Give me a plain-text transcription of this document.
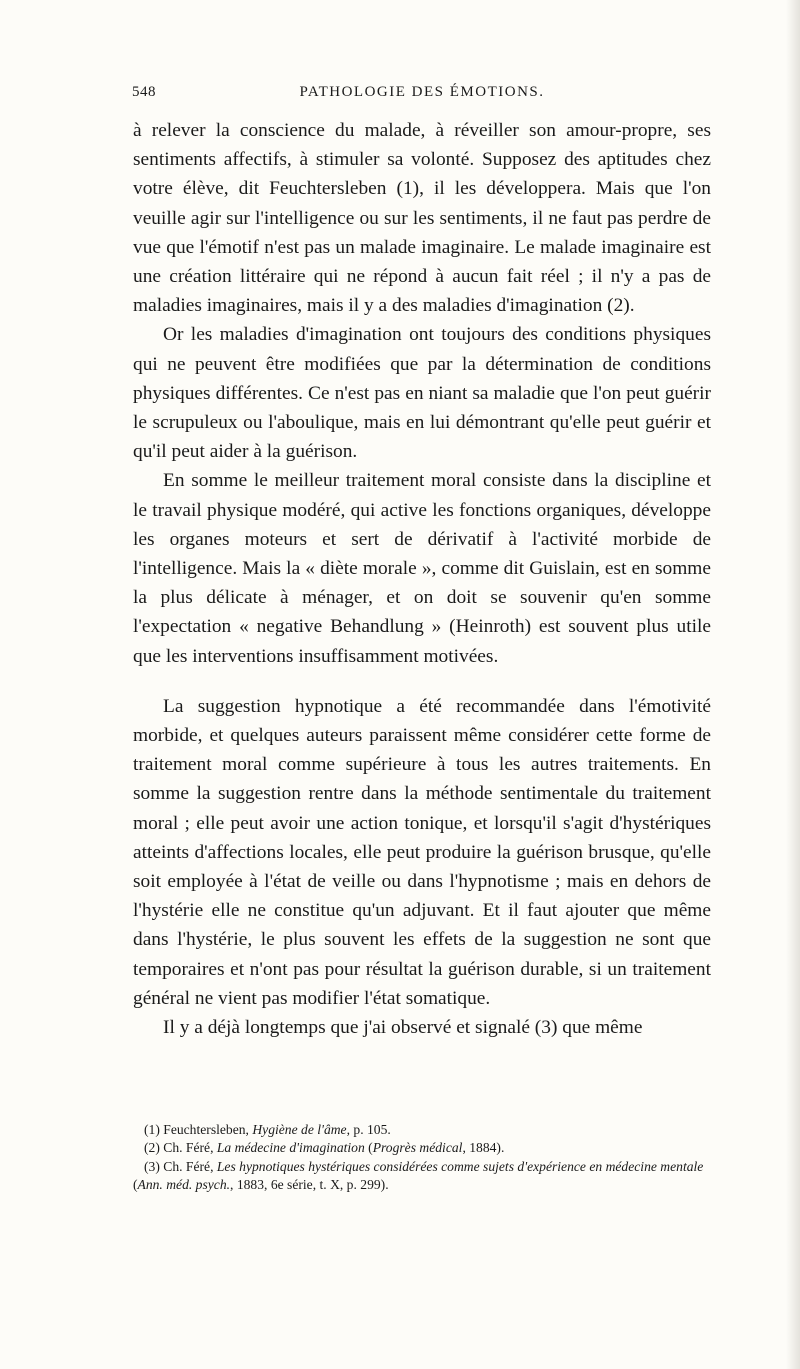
548	PATHOLOGIE DES ÉMOTIONS.

à relever la conscience du malade, à réveiller son amour-propre, ses sentiments affectifs, à stimuler sa volonté. Supposez des aptitudes chez votre élève, dit Feuchtersleben (1), il les développera. Mais que l'on veuille agir sur l'intelligence ou sur les sentiments, il ne faut pas perdre de vue que l'émotif n'est pas un malade imaginaire. Le malade imaginaire est une création littéraire qui ne répond à aucun fait réel ; il n'y a pas de maladies imaginaires, mais il y a des maladies d'imagination (2).

Or les maladies d'imagination ont toujours des conditions physiques qui ne peuvent être modifiées que par la détermination de conditions physiques différentes. Ce n'est pas en niant sa maladie que l'on peut guérir le scrupuleux ou l'aboulique, mais en lui démontrant qu'elle peut guérir et qu'il peut aider à la guérison.

En somme le meilleur traitement moral consiste dans la discipline et le travail physique modéré, qui active les fonctions organiques, développe les organes moteurs et sert de dérivatif à l'activité morbide de l'intelligence. Mais la « diète morale », comme dit Guislain, est en somme la plus délicate à ménager, et on doit se souvenir qu'en somme l'expectation « negative Behandlung » (Heinroth) est souvent plus utile que les interventions insuffisamment motivées.

La suggestion hypnotique a été recommandée dans l'émotivité morbide, et quelques auteurs paraissent même considérer cette forme de traitement moral comme supérieure à tous les autres traitements. En somme la suggestion rentre dans la méthode sentimentale du traitement moral ; elle peut avoir une action tonique, et lorsqu'il s'agit d'hystériques atteints d'affections locales, elle peut produire la guérison brusque, qu'elle soit employée à l'état de veille ou dans l'hypnotisme ; mais en dehors de l'hystérie elle ne constitue qu'un adjuvant. Et il faut ajouter que même dans l'hystérie, le plus souvent les effets de la suggestion ne sont que temporaires et n'ont pas pour résultat la guérison durable, si un traitement général ne vient pas modifier l'état somatique.

Il y a déjà longtemps que j'ai observé et signalé (3) que même

(1) Feuchtersleben, Hygiène de l'âme, p. 105.

(2) Ch. Féré, La médecine d'imagination (Progrès médical, 1884).

(3) Ch. Féré, Les hypnotiques hystériques considérées comme sujets d'expérience en médecine mentale (Ann. méd. psych., 1883, 6e série, t. X, p. 299).
